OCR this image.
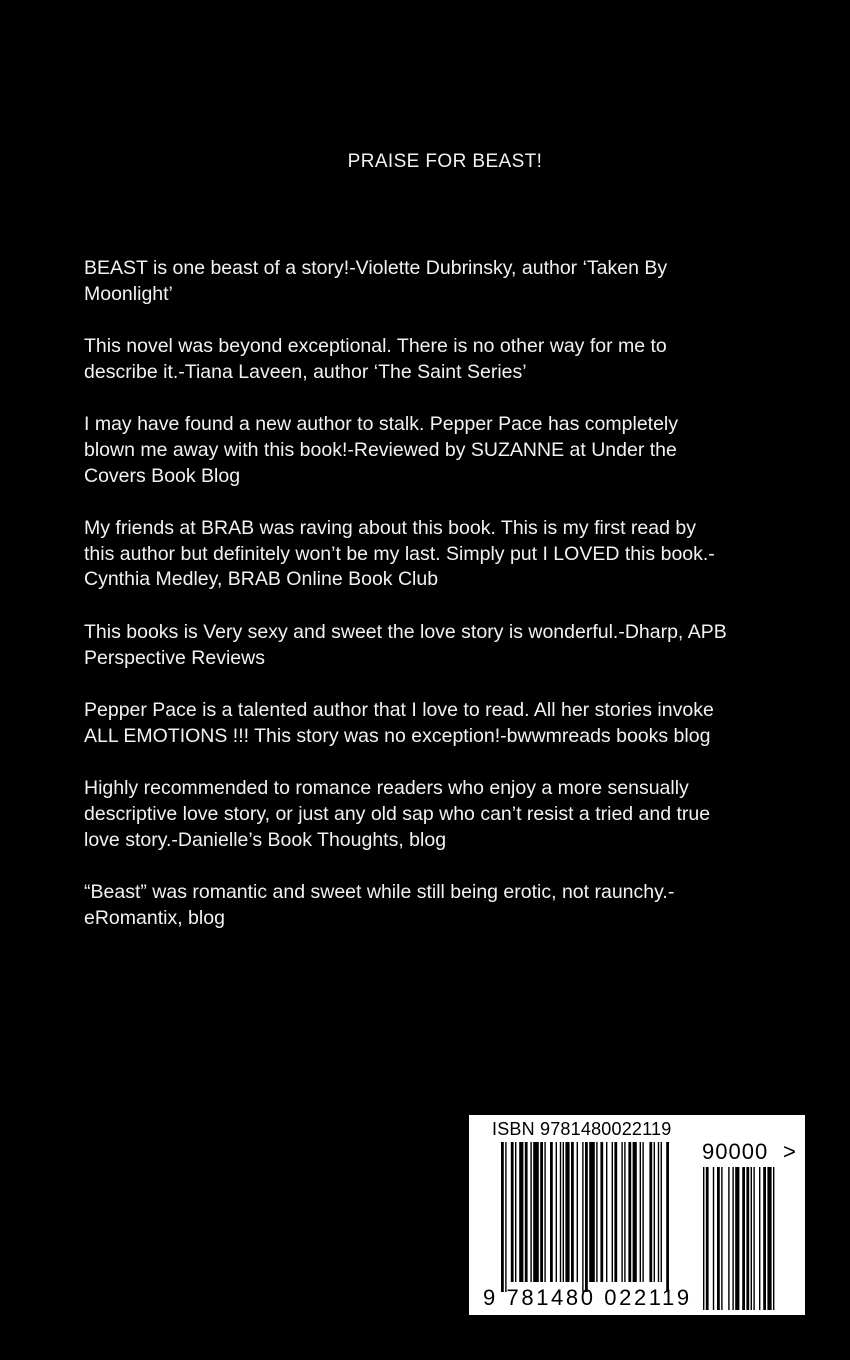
PRAISE FOR BEAST!

BEAST is one beast of a story!-Violette Dubrinsky, author ‘Taken By
Moonlight’

This novel was beyond exceptional. There is no other way for me to
describe it.-Tiana Laveen, author ‘The Saint Series’

I may have found a new author to stalk. Pepper Pace has completely
blown me away with this book!-Reviewed by SUZANNE at Under the
Covers Book Blog

My friends at BRAB was raving about this book. This is my first read by
this author but definitely won’t be my last. Simply put I LOVED this book.-
Cynthia Medley, BRAB Online Book Club

This books is Very sexy and sweet the love story is wonderful.-Dharp, APB
Perspective Reviews

Pepper Pace is a talented author that I love to read. All her stories invoke
ALL EMOTIONS !!! This story was no exception!-bwwmreads books blog

Highly recommended to romance readers who enjoy a more sensually
descriptive love story, or just any old sap who can’t resist a tried and true
love story.-Danielle’s Book Thoughts, blog

“Beast” was romantic and sweet while still being erotic, not raunchy.-
eRomantix, blog

ISBN 9781480022119
90000 >
9 781480 022119
